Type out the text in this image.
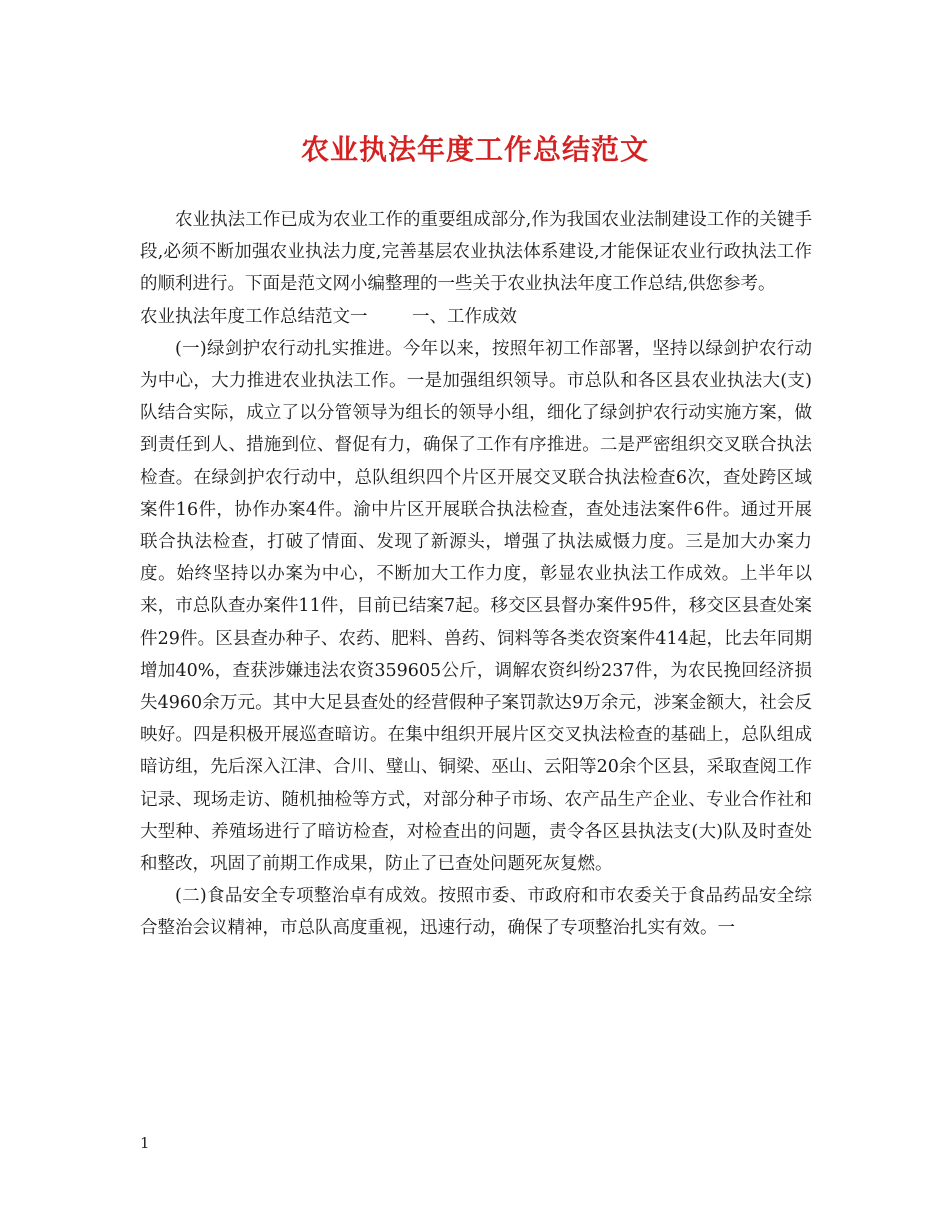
农业执法年度工作总结范文

农业执法工作已成为农业工作的重要组成部分,作为我国农业法制建设工作的关键手段,必须不断加强农业执法力度,完善基层农业执法体系建设,才能保证农业行政执法工作的顺利进行。下面是范文网小编整理的一些关于农业执法年度工作总结,供您参考。

农业执法年度工作总结范文一	一、工作成效

(一)绿剑护农行动扎实推进。今年以来，按照年初工作部署，坚持以绿剑护农行动为中心，大力推进农业执法工作。一是加强组织领导。市总队和各区县农业执法大(支)队结合实际，成立了以分管领导为组长的领导小组，细化了绿剑护农行动实施方案，做到责任到人、措施到位、督促有力，确保了工作有序推进。二是严密组织交叉联合执法检查。在绿剑护农行动中，总队组织四个片区开展交叉联合执法检查6次，查处跨区域案件16件，协作办案4件。渝中片区开展联合执法检查，查处违法案件6件。通过开展联合执法检查，打破了情面、发现了新源头，增强了执法威慑力度。三是加大办案力度。始终坚持以办案为中心，不断加大工作力度，彰显农业执法工作成效。上半年以来，市总队查办案件11件，目前已结案7起。移交区县督办案件95件，移交区县查处案件29件。区县查办种子、农药、肥料、兽药、饲料等各类农资案件414起，比去年同期增加40%，查获涉嫌违法农资359605公斤，调解农资纠纷237件，为农民挽回经济损失4960余万元。其中大足县查处的经营假种子案罚款达9万余元，涉案金额大，社会反映好。四是积极开展巡查暗访。在集中组织开展片区交叉执法检查的基础上，总队组成暗访组，先后深入江津、合川、璧山、铜梁、巫山、云阳等20余个区县，采取查阅工作记录、现场走访、随机抽检等方式，对部分种子市场、农产品生产企业、专业合作社和大型种、养殖场进行了暗访检查，对检查出的问题，责令各区县执法支(大)队及时查处和整改，巩固了前期工作成果，防止了已查处问题死灰复燃。

(二)食品安全专项整治卓有成效。按照市委、市政府和市农委关于食品药品安全综合整治会议精神，市总队高度重视，迅速行动，确保了专项整治扎实有效。一

1
